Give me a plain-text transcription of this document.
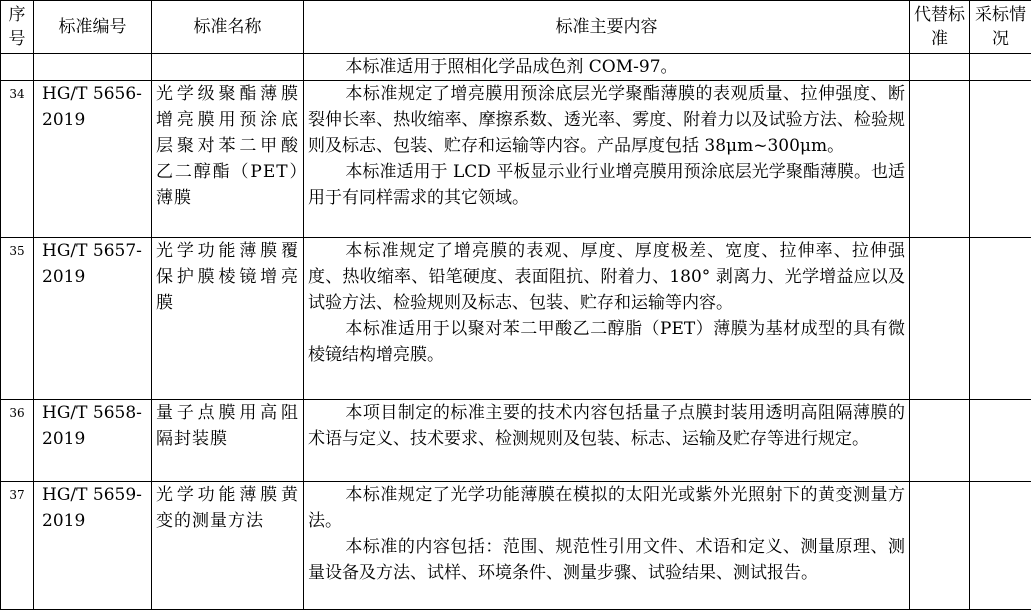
序号	标准编号	标准名称	标准主要内容	代替标准	采标情况

			本标准适用于照相化学品成色剂 COM-97。		

34	HG/T 5656-2019	光学级聚酯薄膜 增亮膜用预涂底层聚对苯二甲酸乙二醇酯（PET）薄膜	本标准规定了增亮膜用预涂底层光学聚酯薄膜的表观质量、拉伸强度、断裂伸长率、热收缩率、摩擦系数、透光率、雾度、附着力以及试验方法、检验规则及标志、包装、贮存和运输等内容。产品厚度包括 38μm~300μm。

本标准适用于 LCD 平板显示业行业增亮膜用预涂底层光学聚酯薄膜。也适用于有同样需求的其它领域。		

35	HG/T 5657-2019	光学功能薄膜覆保护膜棱镜增亮膜	本标准规定了增亮膜的表观、厚度、厚度极差、宽度、拉伸率、拉伸强度、热收缩率、铅笔硬度、表面阻抗、附着力、180° 剥离力、光学增益应以及试验方法、检验规则及标志、包装、贮存和运输等内容。

本标准适用于以聚对苯二甲酸乙二醇脂（PET）薄膜为基材成型的具有微棱镜结构增亮膜。		

36	HG/T 5658-2019	量子点膜用高阻隔封装膜	本项目制定的标准主要的技术内容包括量子点膜封装用透明高阻隔薄膜的术语与定义、技术要求、检测规则及包装、标志、运输及贮存等进行规定。		

37	HG/T 5659-2019	光学功能薄膜黄变的测量方法	本标准规定了光学功能薄膜在模拟的太阳光或紫外光照射下的黄变测量方法。

本标准的内容包括：范围、规范性引用文件、术语和定义、测量原理、测量设备及方法、试样、环境条件、测量步骤、试验结果、测试报告。		
